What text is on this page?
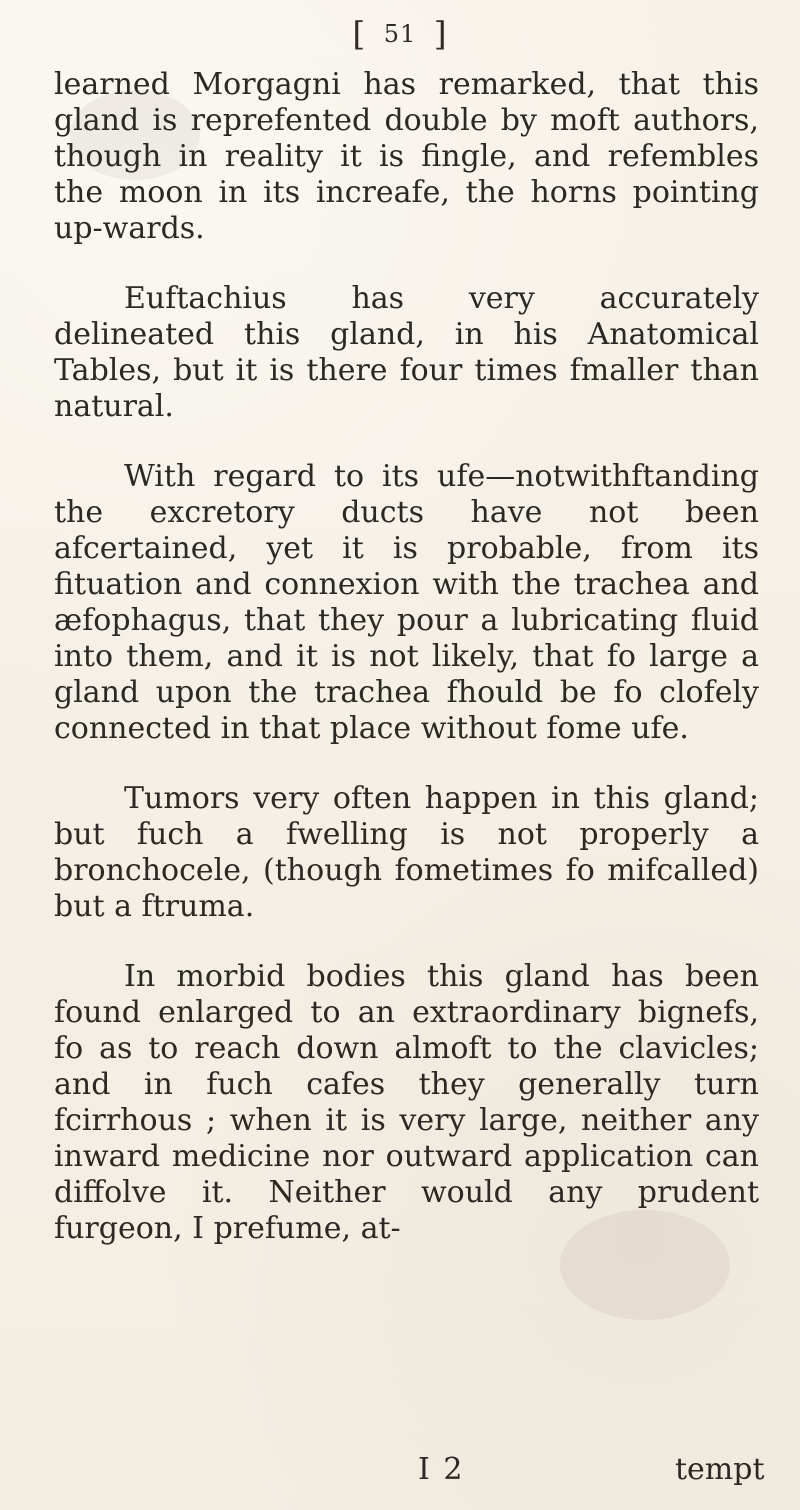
[ 51 ]

learned Morgagni has remarked, that this gland is reprefented double by moft authors, though in reality it is fingle, and refembles the moon in its increafe, the horns pointing up-wards.

Euftachius has very accurately delineated this gland, in his Anatomical Tables, but it is there four times fmaller than natural.

With regard to its ufe—notwithftanding the excretory ducts have not been afcertained, yet it is probable, from its fituation and connexion with the trachea and æfophagus, that they pour a lubricating fluid into them, and it is not likely, that fo large a gland upon the trachea fhould be fo clofely connected in that place without fome ufe.

Tumors very often happen in this gland; but fuch a fwelling is not properly a bronchocele, (though fometimes fo mifcalled) but a ftruma.

In morbid bodies this gland has been found enlarged to an extraordinary bignefs, fo as to reach down almoft to the clavicles; and in fuch cafes they generally turn fcirrhous ; when it is very large, neither any inward medicine nor outward application can diffolve it. Neither would any prudent furgeon, I prefume, at-

I 2	tempt
